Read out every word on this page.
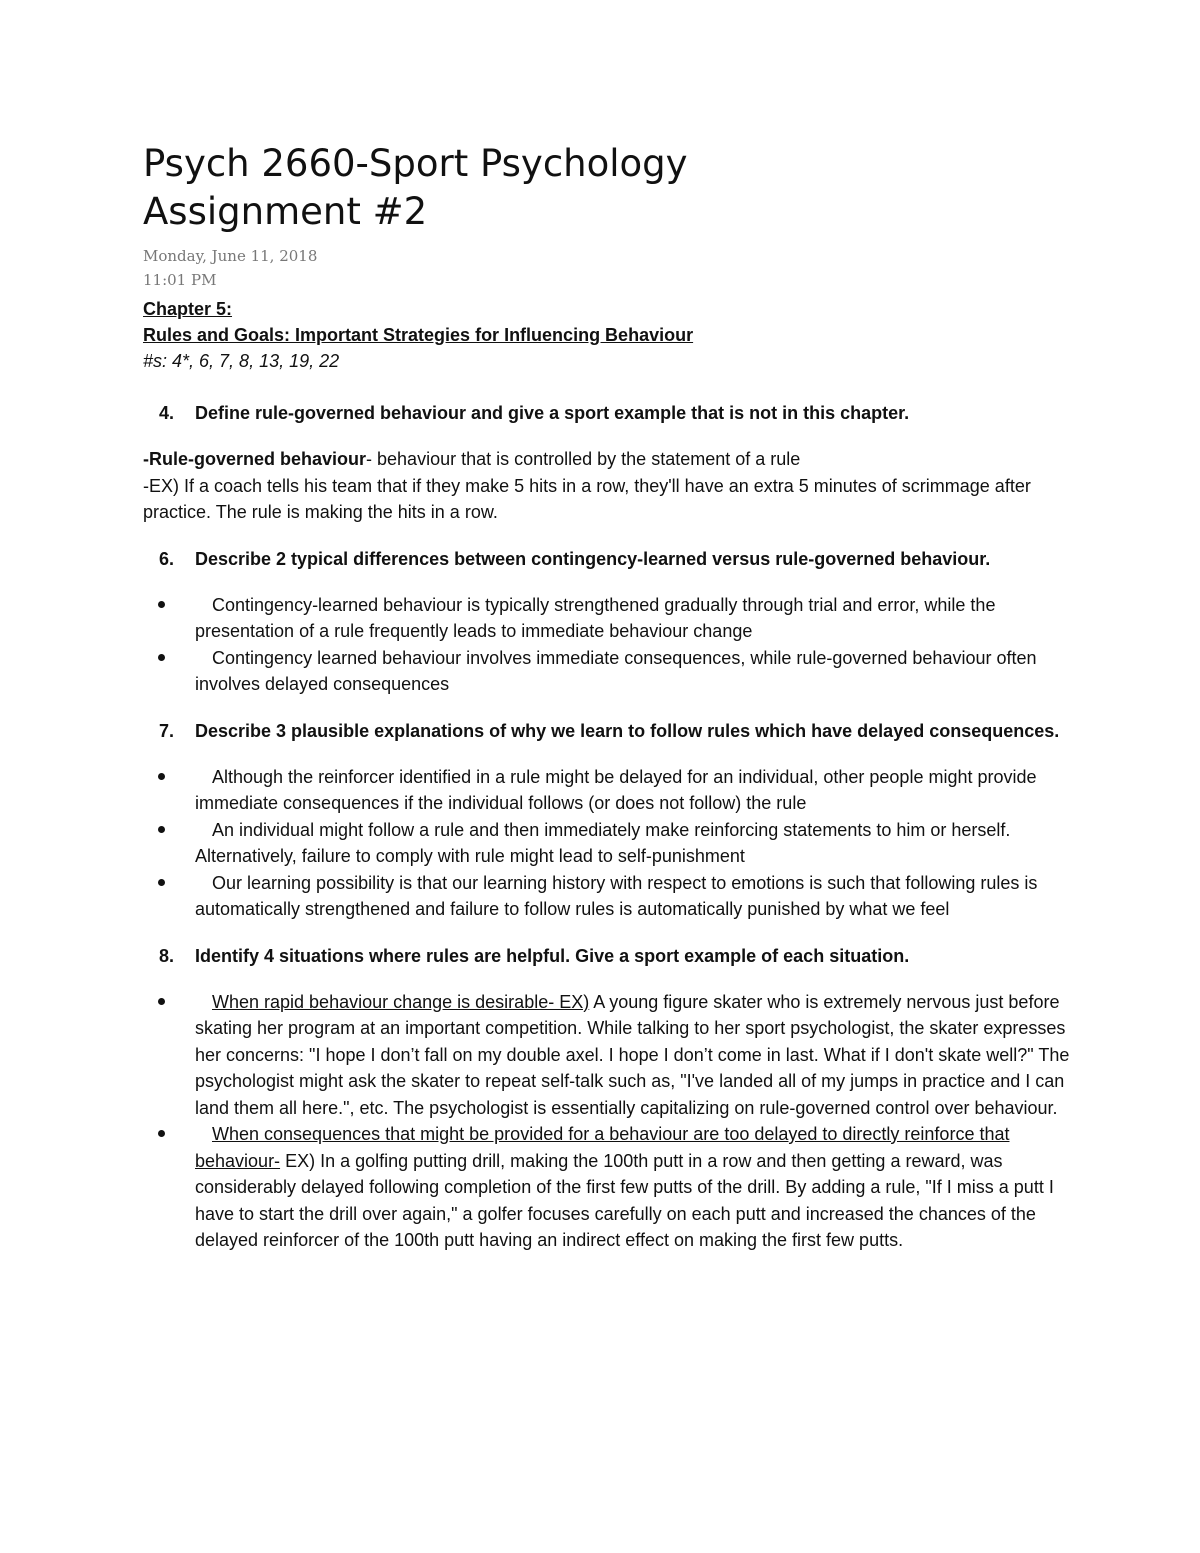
Psych 2660-Sport Psychology
Assignment #2
Monday, June 11, 2018
11:01 PM
Chapter 5:
Rules and Goals: Important Strategies for Influencing Behaviour
#s: 4*, 6, 7, 8, 13, 19, 22
4. Define rule-governed behaviour and give a sport example that is not in this chapter.
-Rule-governed behaviour- behaviour that is controlled by the statement of a rule
-EX) If a coach tells his team that if they make 5 hits in a row, they'll have an extra 5 minutes of scrimmage after practice. The rule is making the hits in a row.
6. Describe 2 typical differences between contingency-learned versus rule-governed behaviour.
Contingency-learned behaviour is typically strengthened gradually through trial and error, while the presentation of a rule frequently leads to immediate behaviour change
Contingency learned behaviour involves immediate consequences, while rule-governed behaviour often involves delayed consequences
7. Describe 3 plausible explanations of why we learn to follow rules which have delayed consequences.
Although the reinforcer identified in a rule might be delayed for an individual, other people might provide immediate consequences if the individual follows (or does not follow) the rule
An individual might follow a rule and then immediately make reinforcing statements to him or herself. Alternatively, failure to comply with rule might lead to self-punishment
Our learning possibility is that our learning history with respect to emotions is such that following rules is automatically strengthened and failure to follow rules is automatically punished by what we feel
8. Identify 4 situations where rules are helpful. Give a sport example of each situation.
When rapid behaviour change is desirable- EX) A young figure skater who is extremely nervous just before skating her program at an important competition. While talking to her sport psychologist, the skater expresses her concerns: "I hope I don’t fall on my double axel. I hope I don’t come in last. What if I don't skate well?" The psychologist might ask the skater to repeat self-talk such as, "I've landed all of my jumps in practice and I can land them all here.", etc. The psychologist is essentially capitalizing on rule-governed control over behaviour.
When consequences that might be provided for a behaviour are too delayed to directly reinforce that behaviour- EX) In a golfing putting drill, making the 100th putt in a row and then getting a reward, was considerably delayed following completion of the first few putts of the drill. By adding a rule, "If I miss a putt I have to start the drill over again," a golfer focuses carefully on each putt and increased the chances of the delayed reinforcer of the 100th putt having an indirect effect on making the first few putts.
